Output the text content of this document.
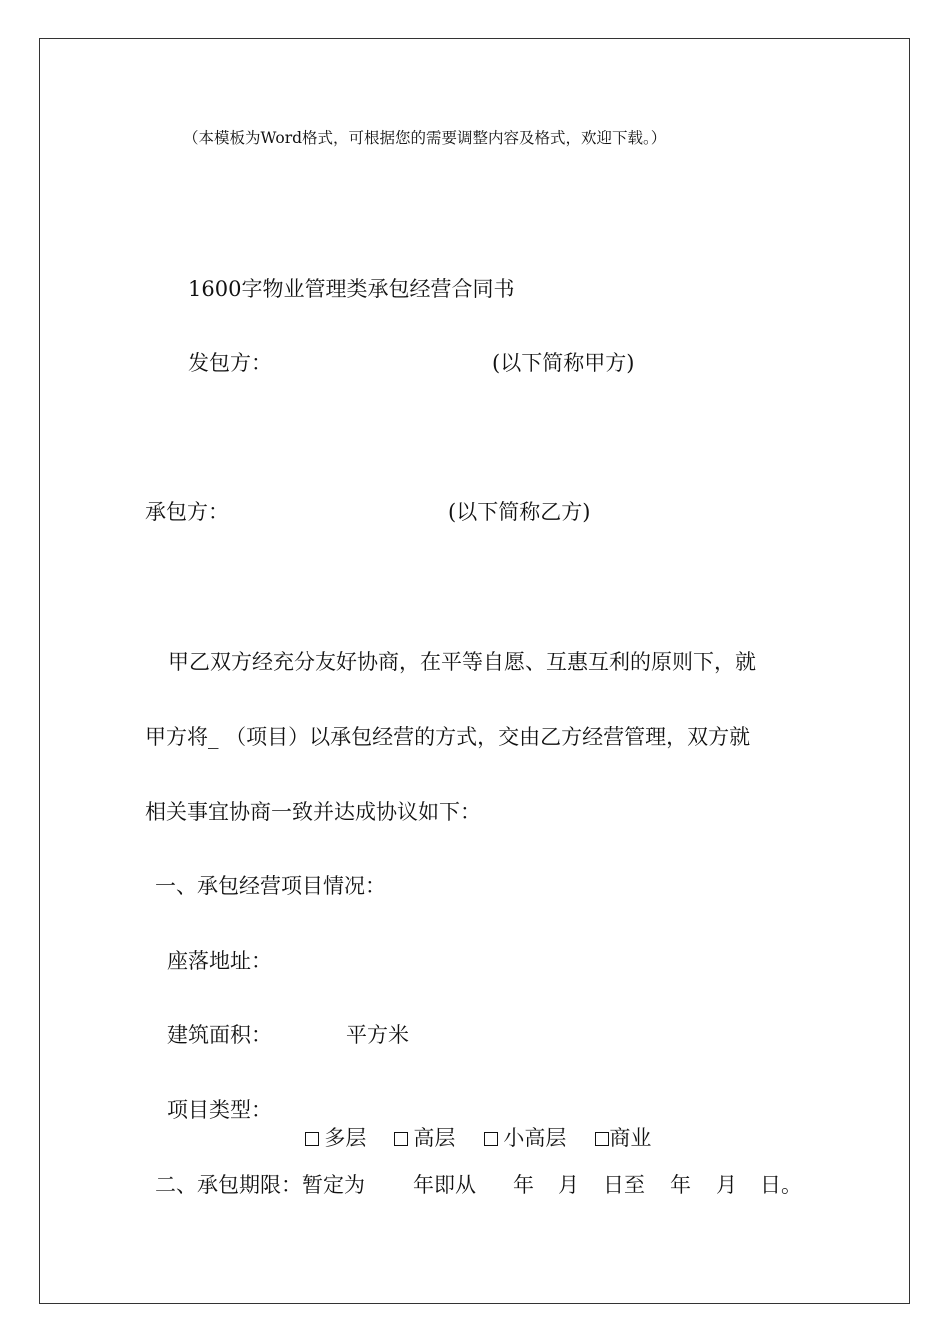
（本模板为Word格式，可根据您的需要调整内容及格式，欢迎下载。）
1600字物业管理类承包经营合同书
发包方：	(以下简称甲方)
承包方：	(以下简称乙方)
甲乙双方经充分友好协商，在平等自愿、互惠互利的原则下，就
甲方将_ （项目）以承包经营的方式，交由乙方经营管理，双方就
相关事宜协商一致并达成协议如下：
一、承包经营项目情况：
座落地址：
建筑面积：	平方米
项目类型：

多层	高层	小高层	商业

二、承包期限：暂定为 年即从 年 月 日至 年 月 日。
